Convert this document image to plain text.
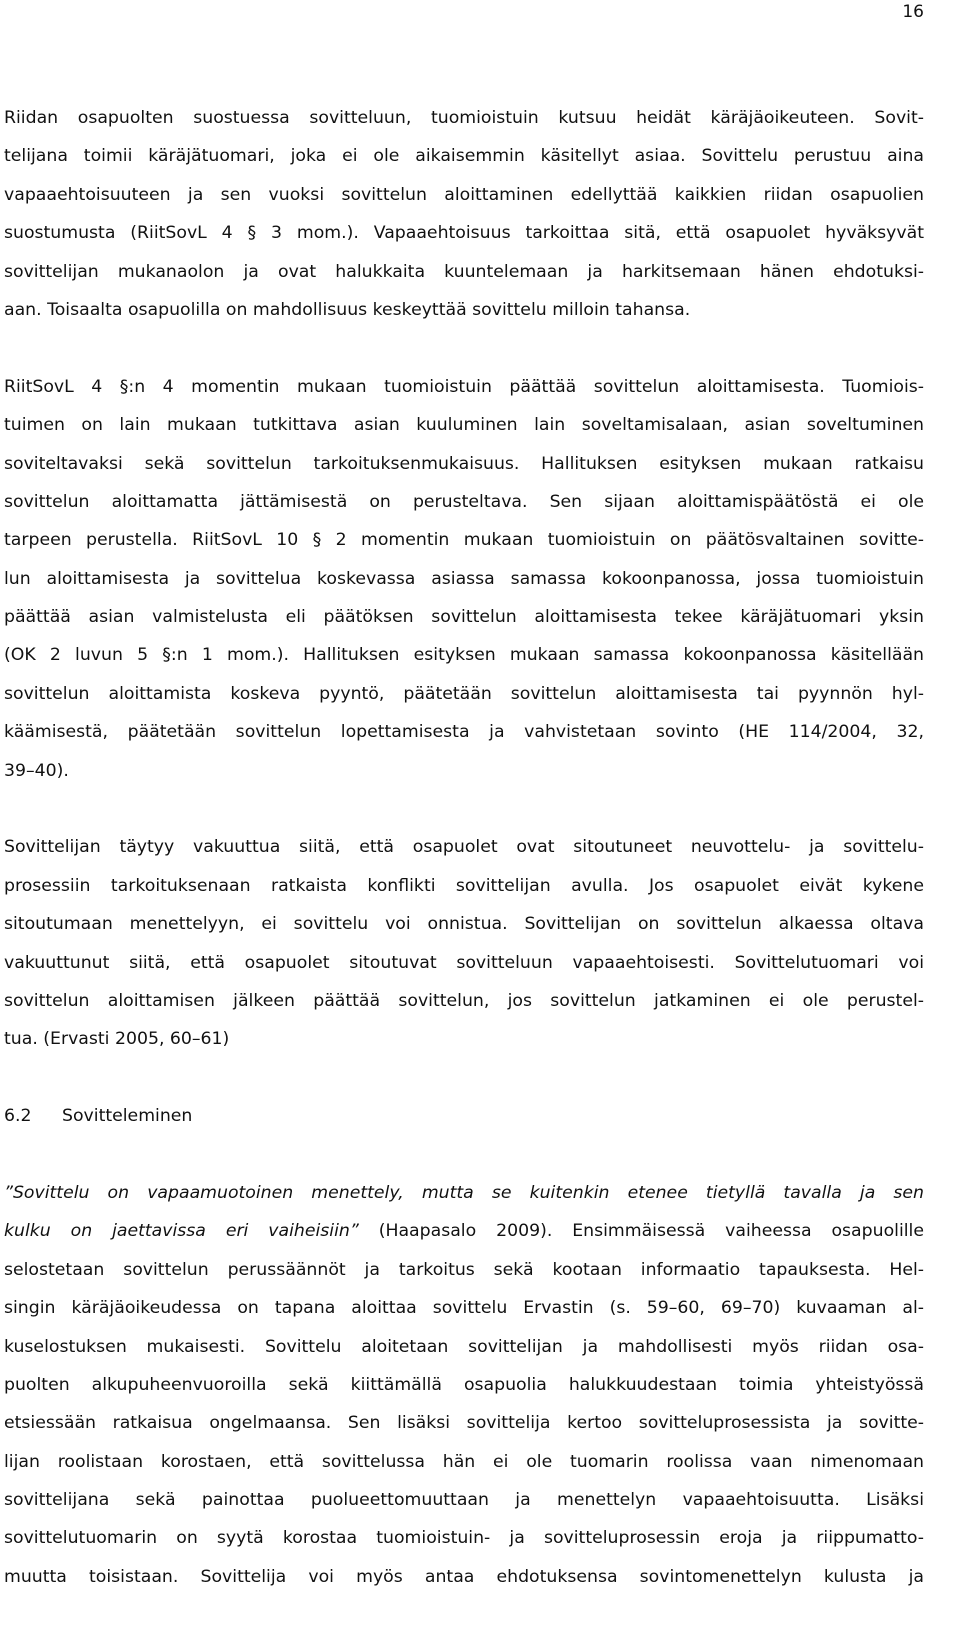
16
Riidan osapuolten suostuessa sovitteluun, tuomioistuin kutsuu heidät käräjäoikeuteen. Sovit-
telijana toimii käräjätuomari, joka ei ole aikaisemmin käsitellyt asiaa. Sovittelu perustuu aina
vapaaehtoisuuteen ja sen vuoksi sovittelun aloittaminen edellyttää kaikkien riidan osapuolien
suostumusta (RiitSovL 4 § 3 mom.). Vapaaehtoisuus tarkoittaa sitä, että osapuolet hyväksyvät
sovittelijan mukanaolon ja ovat halukkaita kuuntelemaan ja harkitsemaan hänen ehdotuksi-
aan. Toisaalta osapuolilla on mahdollisuus keskeyttää sovittelu milloin tahansa.
RiitSovL 4 §:n 4 momentin mukaan tuomioistuin päättää sovittelun aloittamisesta. Tuomiois-
tuimen on lain mukaan tutkittava asian kuuluminen lain soveltamisalaan, asian soveltuminen
soviteltavaksi sekä sovittelun tarkoituksenmukaisuus. Hallituksen esityksen mukaan ratkaisu
sovittelun aloittamatta jättämisestä on perusteltava. Sen sijaan aloittamispäätöstä ei ole
tarpeen perustella. RiitSovL 10 § 2 momentin mukaan tuomioistuin on päätösvaltainen sovitte-
lun aloittamisesta ja sovittelua koskevassa asiassa samassa kokoonpanossa, jossa tuomioistuin
päättää asian valmistelusta eli päätöksen sovittelun aloittamisesta tekee käräjätuomari yksin
(OK 2 luvun 5 §:n 1 mom.). Hallituksen esityksen mukaan samassa kokoonpanossa käsitellään
sovittelun aloittamista koskeva pyyntö, päätetään sovittelun aloittamisesta tai pyynnön hyl-
käämisestä, päätetään sovittelun lopettamisesta ja vahvistetaan sovinto (HE 114/2004, 32,
39–40).
Sovittelijan täytyy vakuuttua siitä, että osapuolet ovat sitoutuneet neuvottelu- ja sovittelu-
prosessiin tarkoituksenaan ratkaista konflikti sovittelijan avulla. Jos osapuolet eivät kykene
sitoutumaan menettelyyn, ei sovittelu voi onnistua. Sovittelijan on sovittelun alkaessa oltava
vakuuttunut siitä, että osapuolet sitoutuvat sovitteluun vapaaehtoisesti. Sovittelutuomari voi
sovittelun aloittamisen jälkeen päättää sovittelun, jos sovittelun jatkaminen ei ole perustel-
tua. (Ervasti 2005, 60–61)
6.2 Sovitteleminen
”Sovittelu on vapaamuotoinen menettely, mutta se kuitenkin etenee tietyllä tavalla ja sen
kulku on jaettavissa eri vaiheisiin” (Haapasalo 2009). Ensimmäisessä vaiheessa osapuolille
selostetaan sovittelun perussäännöt ja tarkoitus sekä kootaan informaatio tapauksesta. Hel-
singin käräjäoikeudessa on tapana aloittaa sovittelu Ervastin (s. 59–60, 69–70) kuvaaman al-
kuselostuksen mukaisesti. Sovittelu aloitetaan sovittelijan ja mahdollisesti myös riidan osa-
puolten alkupuheenvuoroilla sekä kiittämällä osapuolia halukkuudestaan toimia yhteistyössä
etsiessään ratkaisua ongelmaansa. Sen lisäksi sovittelija kertoo sovitteluprosessista ja sovitte-
lijan roolistaan korostaen, että sovittelussa hän ei ole tuomarin roolissa vaan nimenomaan
sovittelijana sekä painottaa puolueettomuuttaan ja menettelyn vapaaehtoisuutta. Lisäksi
sovittelutuomarin on syytä korostaa tuomioistuin- ja sovitteluprosessin eroja ja riippumatto-
muutta toisistaan. Sovittelija voi myös antaa ehdotuksensa sovintomenettelyn kulusta ja
